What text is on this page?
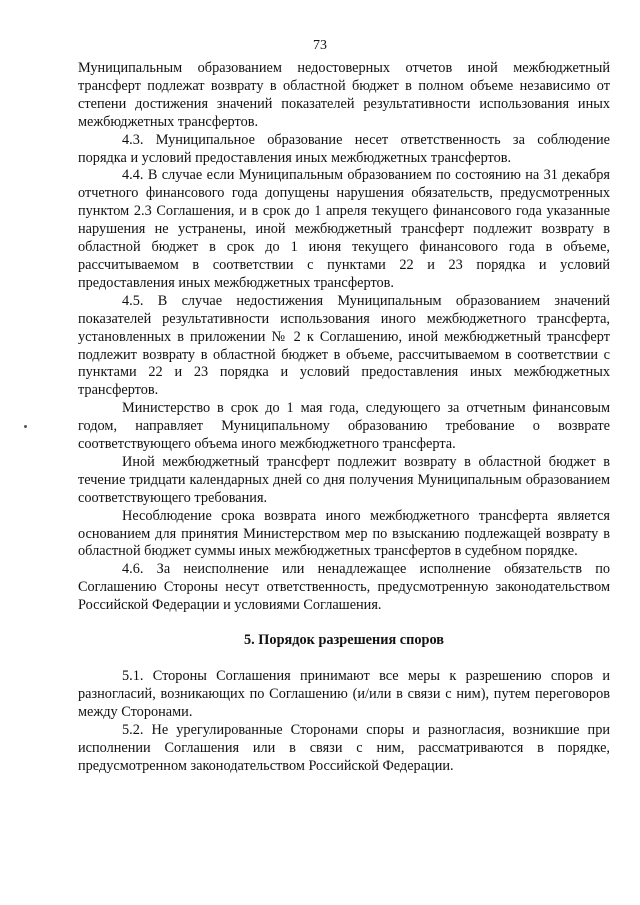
73

Муниципальным образованием недостоверных отчетов иной межбюджетный трансферт подлежат возврату в областной бюджет в полном объеме независимо от степени достижения значений показателей результативности использования иных межбюджетных трансфертов.

4.3. Муниципальное образование несет ответственность за соблюдение порядка и условий предоставления иных межбюджетных трансфертов.

4.4. В случае если Муниципальным образованием по состоянию на 31 декабря отчетного финансового года допущены нарушения обязательств, предусмотренных пунктом 2.3 Соглашения, и в срок до 1 апреля текущего финансового года указанные нарушения не устранены, иной межбюджетный трансферт подлежит возврату в областной бюджет в срок до 1 июня текущего финансового года в объеме, рассчитываемом в соответствии с пунктами 22 и 23 порядка и условий предоставления иных межбюджетных трансфертов.

4.5. В случае недостижения Муниципальным образованием значений показателей результативности использования иного межбюджетного трансферта, установленных в приложении № 2 к Соглашению, иной межбюджетный трансферт подлежит возврату в областной бюджет в объеме, рассчитываемом в соответствии с пунктами 22 и 23 порядка и условий предоставления иных межбюджетных трансфертов.

Министерство в срок до 1 мая года, следующего за отчетным финансовым годом, направляет Муниципальному образованию требование о возврате соответствующего объема иного межбюджетного трансферта.

Иной межбюджетный трансферт подлежит возврату в областной бюджет в течение тридцати календарных дней со дня получения Муниципальным образованием соответствующего требования.

Несоблюдение срока возврата иного межбюджетного трансферта является основанием для принятия Министерством мер по взысканию подлежащей возврату в областной бюджет суммы иных межбюджетных трансфертов в судебном порядке.

4.6. За неисполнение или ненадлежащее исполнение обязательств по Соглашению Стороны несут ответственность, предусмотренную законодательством Российской Федерации и условиями Соглашения.

5. Порядок разрешения споров

5.1. Стороны Соглашения принимают все меры к разрешению споров и разногласий, возникающих по Соглашению (и/или в связи с ним), путем переговоров между Сторонами.

5.2. Не урегулированные Сторонами споры и разногласия, возникшие при исполнении Соглашения или в связи с ним, рассматриваются в порядке, предусмотренном законодательством Российской Федерации.
